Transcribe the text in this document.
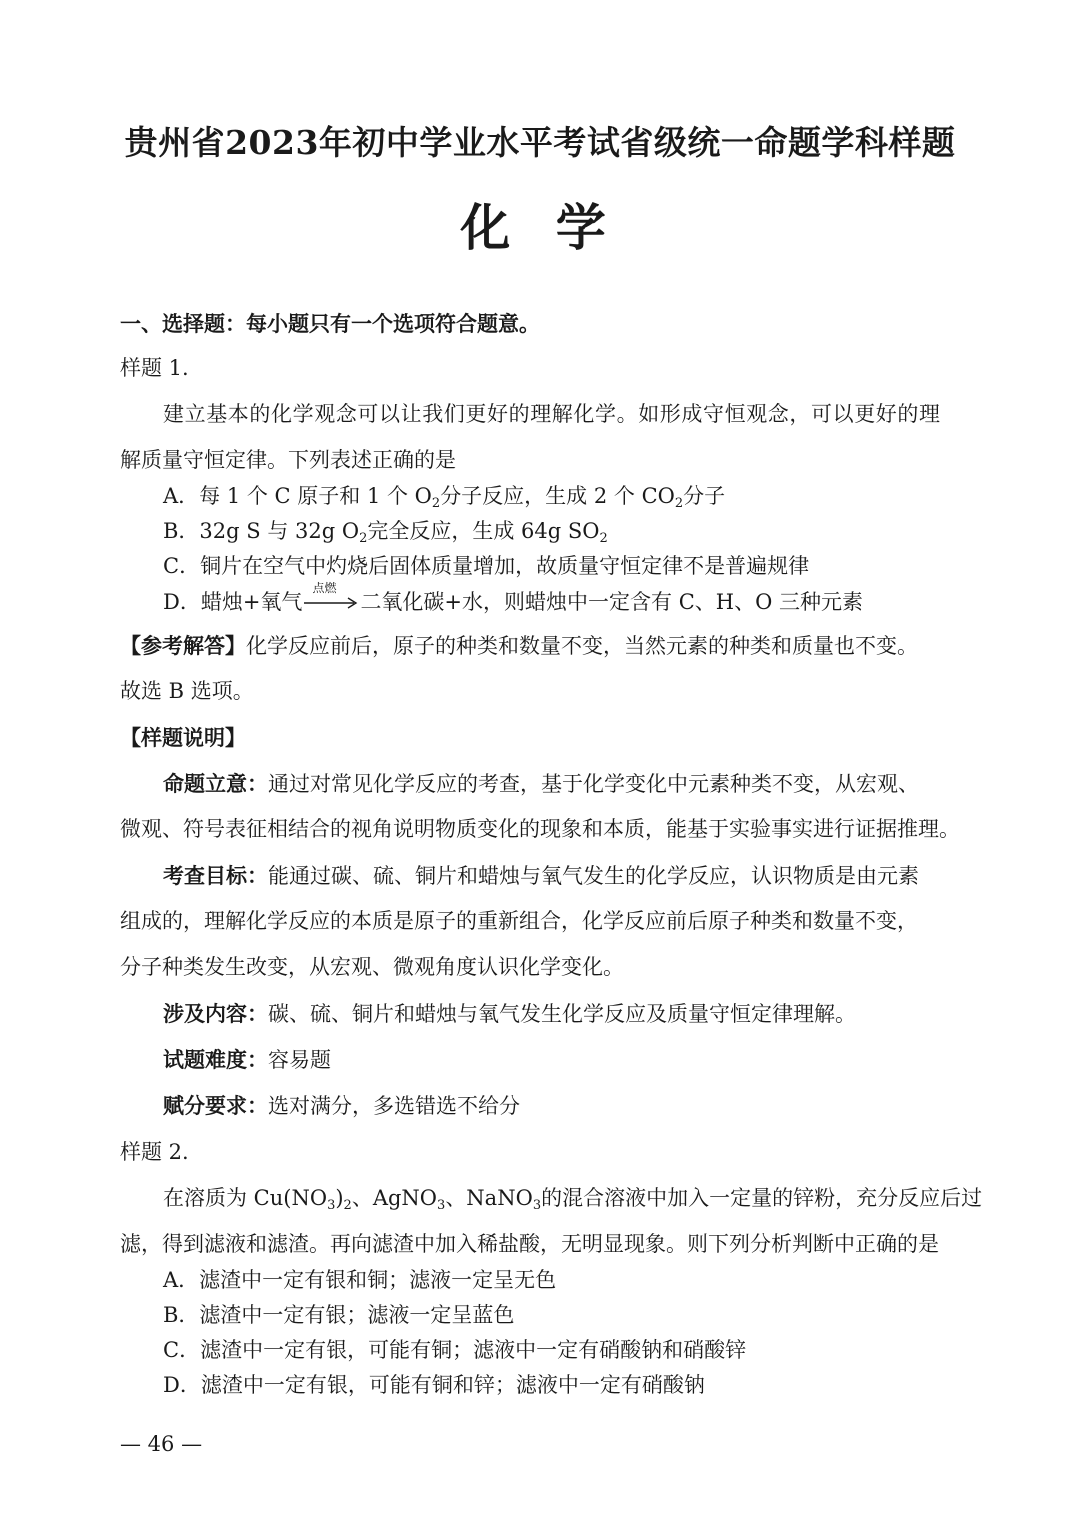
贵州省2023年初中学业水平考试省级统一命题学科样题
化 学
一、选择题：每小题只有一个选项符合题意。
样题 1.
建立基本的化学观念可以让我们更好的理解化学。如形成守恒观念，可以更好的理
解质量守恒定律。下列表述正确的是
A．每 1 个 C 原子和 1 个 $O_2$分子反应，生成 2 个 $CO_2$分子
B．32g S 与 32g $O_2$完全反应，生成 64g $SO_2$
C．铜片在空气中灼烧后固体质量增加，故质量守恒定律不是普遍规律
D．蜡烛+氧气
点燃
二氧化碳+水，则蜡烛中一定含有 C、H、O 三种元素
【参考解答】化学反应前后，原子的种类和数量不变，当然元素的种类和质量也不变。
故选 B 选项。
【样题说明】
命题立意：通过对常见化学反应的考查，基于化学变化中元素种类不变，从宏观、
微观、符号表征相结合的视角说明物质变化的现象和本质，能基于实验事实进行证据推理。
考查目标：能通过碳、硫、铜片和蜡烛与氧气发生的化学反应，认识物质是由元素
组成的，理解化学反应的本质是原子的重新组合，化学反应前后原子种类和数量不变，
分子种类发生改变，从宏观、微观角度认识化学变化。
涉及内容：碳、硫、铜片和蜡烛与氧气发生化学反应及质量守恒定律理解。
试题难度：容易题
赋分要求：选对满分，多选错选不给分
样题 2.
在溶质为 $Cu(NO_3)_2$、AgNO$_3$、NaNO$_3$的混合溶液中加入一定量的锌粉，充分反应后过
滤，得到滤液和滤渣。再向滤渣中加入稀盐酸，无明显现象。则下列分析判断中正确的是
A．滤渣中一定有银和铜；滤液一定呈无色
B．滤渣中一定有银；滤液一定呈蓝色
C．滤渣中一定有银，可能有铜；滤液中一定有硝酸钠和硝酸锌
D．滤渣中一定有银，可能有铜和锌；滤液中一定有硝酸钠
— 46 —
